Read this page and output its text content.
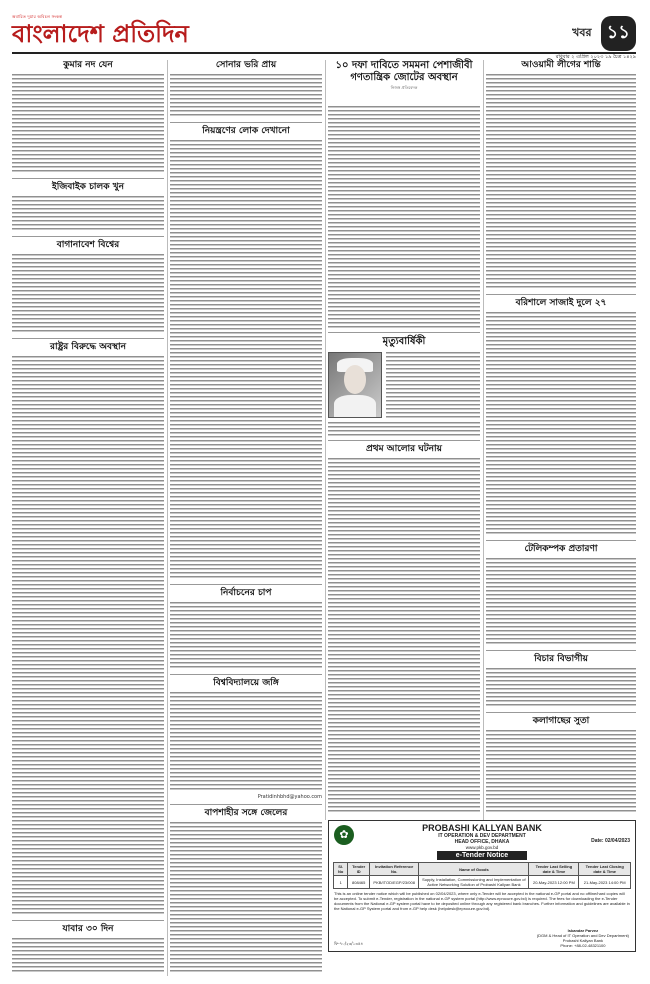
অবারিত দুয়ার অবিচল সংকল্প
বাংলাদেশ প্রতিদিন	খবর ১১
রবিবার ২ এপ্রিল ২০২৩ ১৯ চৈত্র ১৪২৯
কুমার নদ যেন
ইজিবাইক চালক খুন
বাগানাবেশ বিশ্বের
রাষ্ট্রর বিরুদ্ধে অবস্থান
যাবার ৩০ দিন
সোনার ভরি প্রায়
নিয়ন্ত্রণের লোক দেখানো
নির্বাচনের চাপ
বিশ্ববিদ্যালয়ে জঙ্গি
Pratidinhbhd@yahoo.com
বাপশাহীর সঙ্গে জেলের
১০ দফা দাবিতে সমমনা পেশাজীবী গণতান্ত্রিক জোটের অবস্থান
নিজস্ব প্রতিবেদক
মৃত্যুবার্ষিকী
প্রথম আলোর ঘটনায়
আওয়ামী লীগের শান্তি
বরিশালে সাজাই দুলে ২৭
টেলিকম্পক প্রতারণা
বিচার বিভাগীয়
কলাগাছের সুতা
✿
PROBASHI KALLYAN BANK
IT OPERATION & DEV DEPARTMENT
HEAD OFFICE, DHAKA
www.pkb.gov.bd
Date: 02/04/2023
e-Tender Notice
Sl. No	Tender ID	Invitation Reference No.	Name of Goods	Tender Last Selling date & Time	Tender Last Closing date & Time
1	808465	PKB/ITOD/EGP/23/008	Supply, Installation, Commissioning and Implementation of Active Networking Solution of Probashi Kallyan Bank	20-May-2023 12:00 PM	21-May-2023 14:00 PM
This is an online tender notice which will be published on 02/04/2023, where only e-Tender will be accepted in the national e-GP portal and no offline/hard copies will be accepted. To submit e-Tender, registration in the national e-GP system portal (http://www.eprocure.gov.bd) is required. The fees for downloading the e-Tender documents from the National e-GP system portal have to be deposited online through any registered bank branches. Further information and guidelines are available in the National e-GP System portal and from e-GP help desk (helpdesk@eprocure.gov.bd).
ফি-৭০/২৩/১৩৫৪
Iskandar Parvez
(DGM & Head of IT Operation and Dev Department)
Probashi Kallyan Bank
Phone: +88-02-48321100
